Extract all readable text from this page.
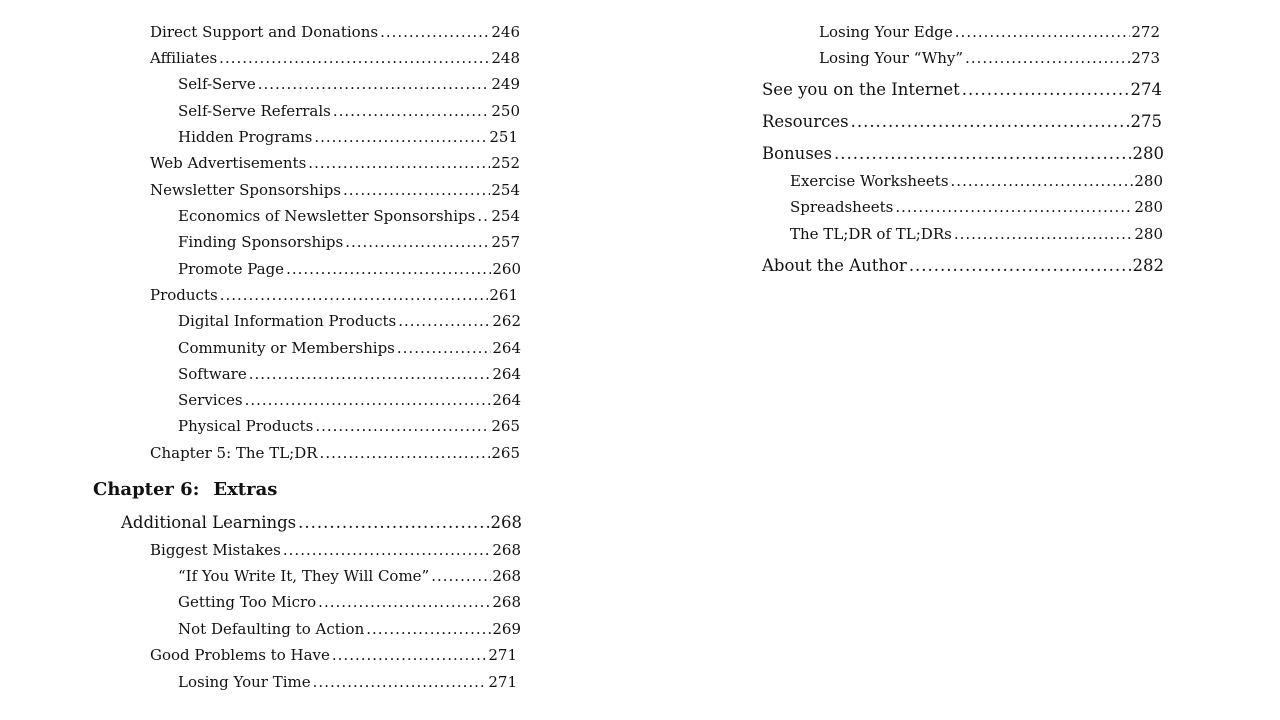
Direct Support and Donations .....	246
Affiliates .....	248
Self-Serve .....	249
Self-Serve Referrals .....	250
Hidden Programs .....	251
Web Advertisements .....	252
Newsletter Sponsorships .....	254
Economics of Newsletter Sponsorships ..... 254
Finding Sponsorships .....	257
Promote Page .....	260
Products .....	261
Digital Information Products .....	262
Community or Memberships .....	264
Software .....	264
Services .....	264
Physical Products .....	265
Chapter 5: The TL;DR .....	265
Chapter 6: Extras
Additional Learnings .....	268
Biggest Mistakes .....	268
“If You Write It, They Will Come” .....	268
Getting Too Micro .....	268
Not Defaulting to Action .....	269
Good Problems to Have .....	271
Losing Your Time .....	271
Losing Your Edge .....	272
Losing Your “Why” .....	273
See you on the Internet .....	274
Resources .....	275
Bonuses .....	280
Exercise Worksheets .....	280
Spreadsheets .....	280
The TL;DR of TL;DRs .....	280
About the Author .....	282
